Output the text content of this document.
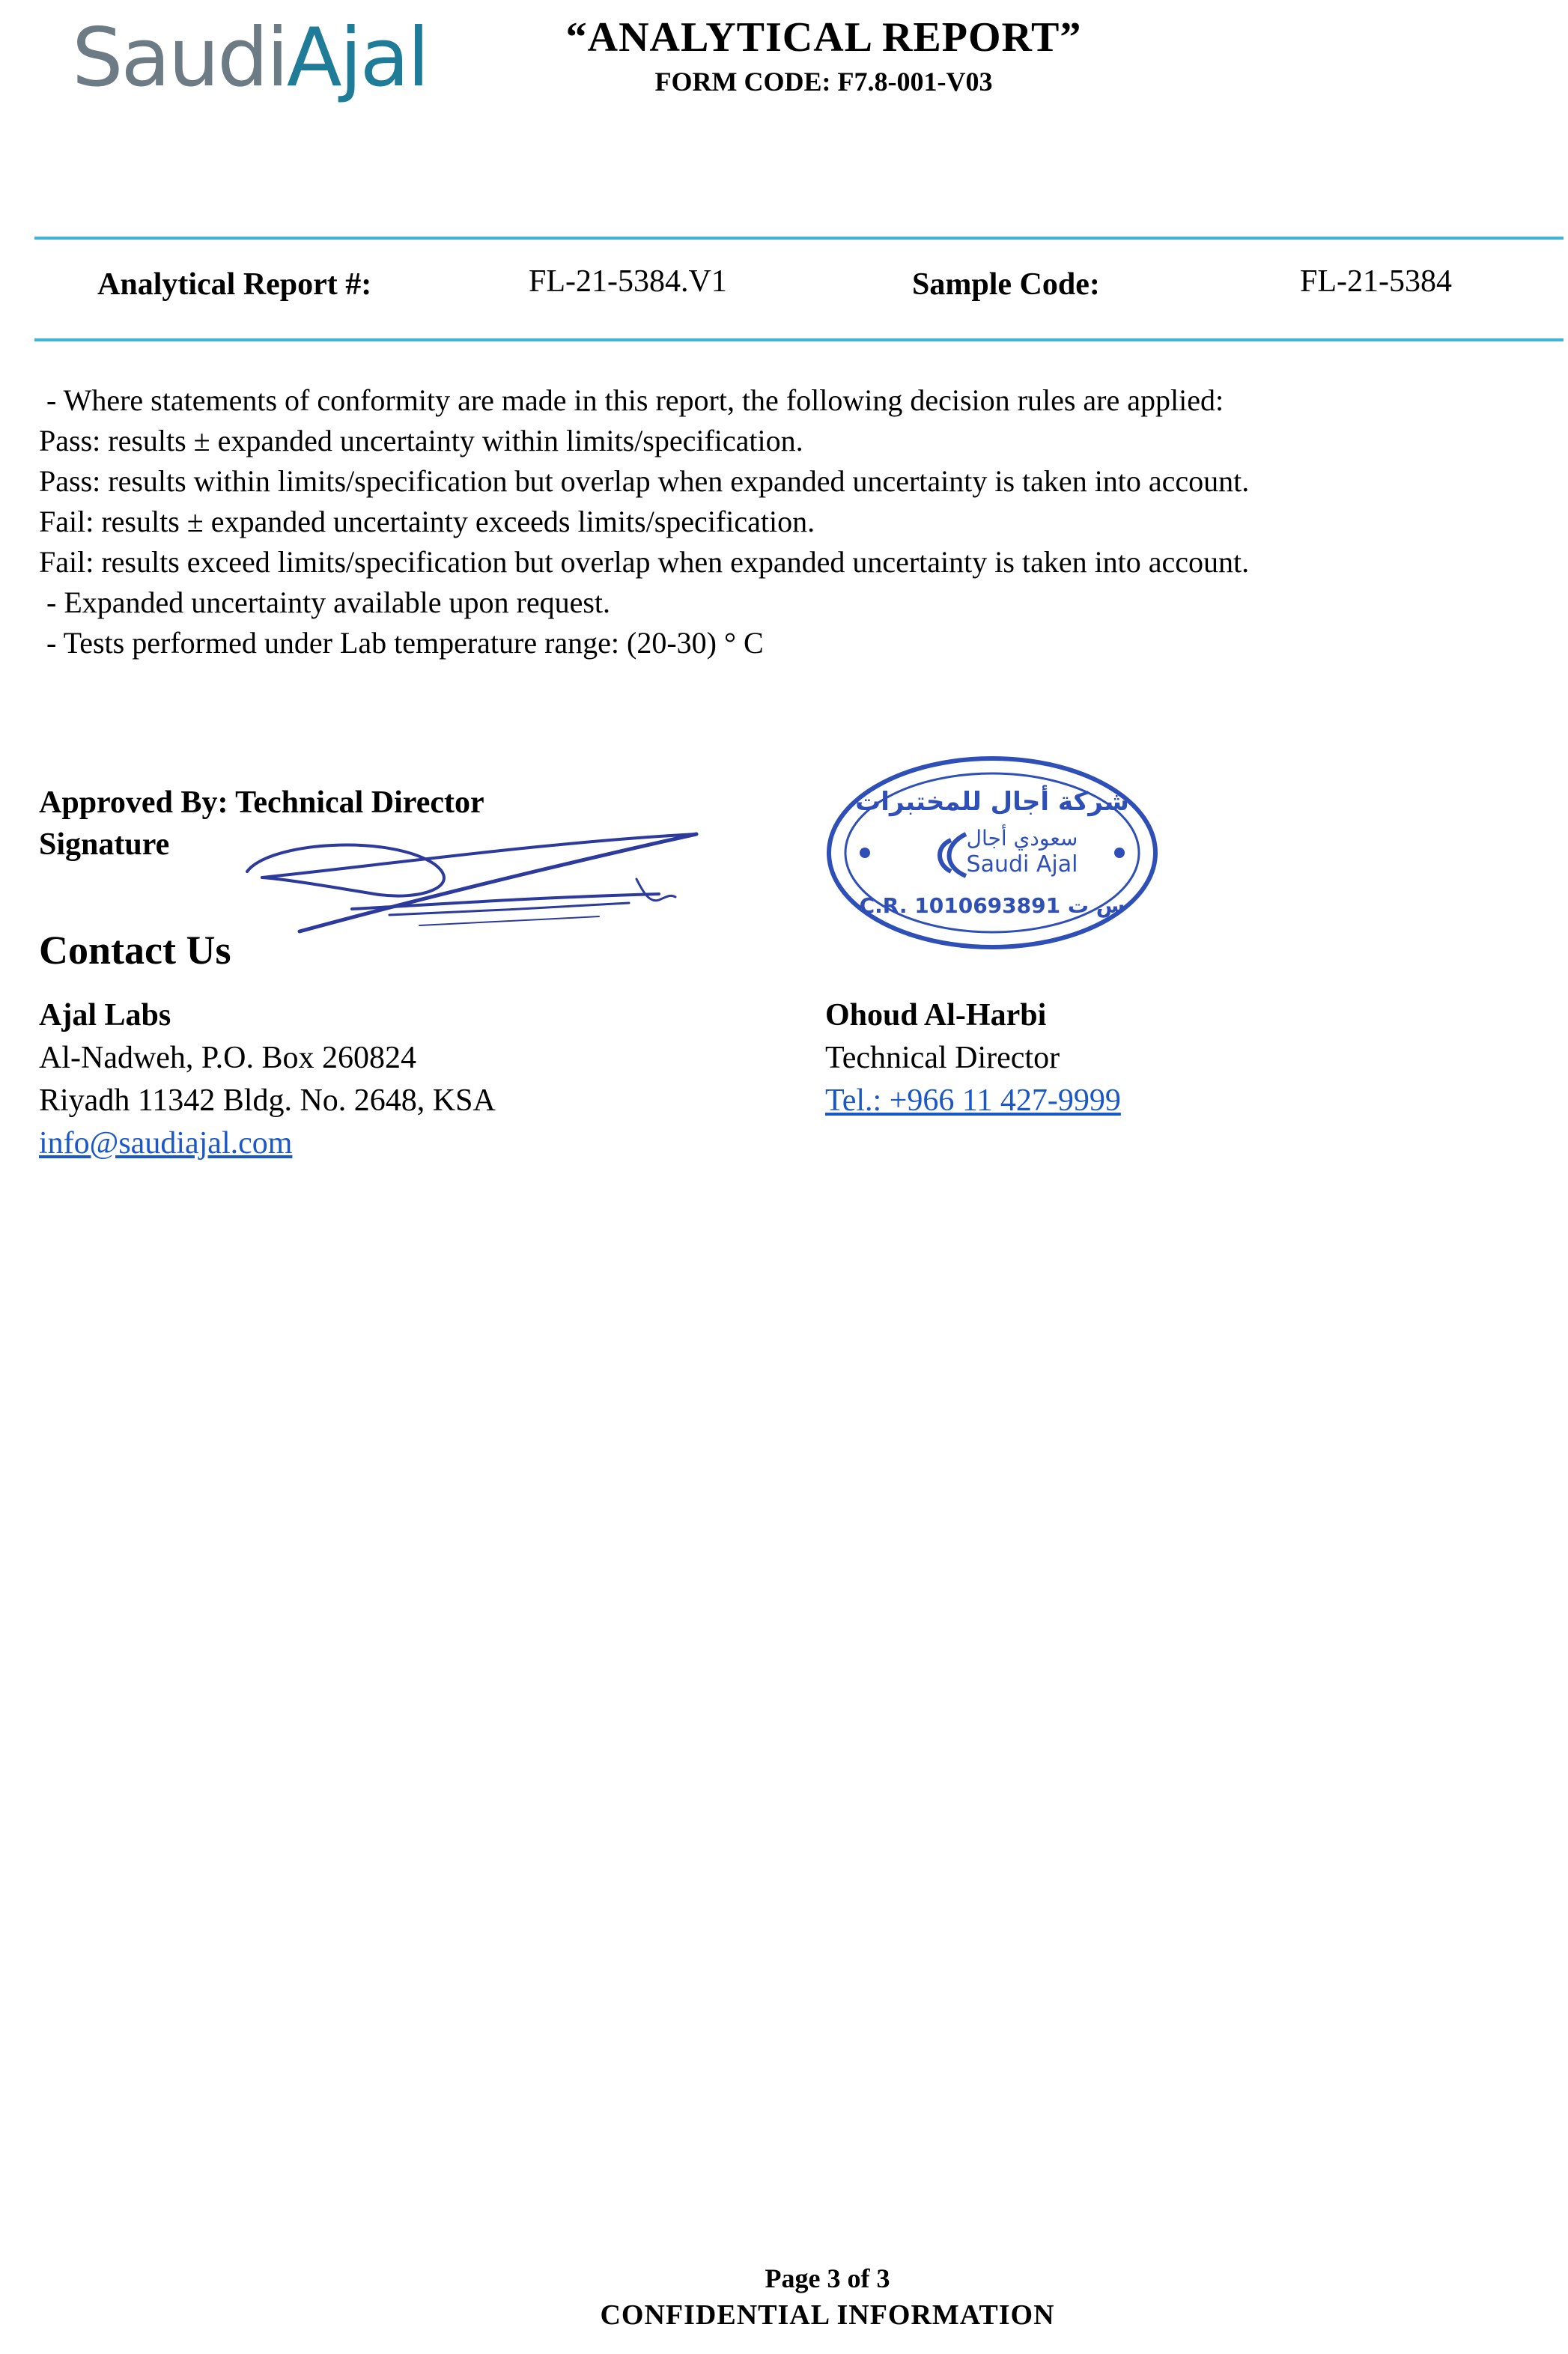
SaudiAjal	“ANALYTICAL REPORT”
FORM CODE: F7.8-001-V03
Analytical Report #:	FL-21-5384.V1	Sample Code:	FL-21-5384
- Where statements of conformity are made in this report, the following decision rules are applied:
Pass: results ± expanded uncertainty within limits/specification.
Pass: results within limits/specification but overlap when expanded uncertainty is taken into account.
Fail: results ± expanded uncertainty exceeds limits/specification.
Fail: results exceed limits/specification but overlap when expanded uncertainty is taken into account.
- Expanded uncertainty available upon request.
- Tests performed under Lab temperature range: (20-30) ° C
Approved By: Technical Director
Signature
شركة أجال للمختبرات
سعودي أجال
Saudi Ajal
C.R. 1010693891 س ت
Contact Us
Ajal Labs
Al-Nadweh, P.O. Box 260824
Riyadh 11342 Bldg. No. 2648, KSA
info@saudiajal.com
Ohoud Al-Harbi
Technical Director
Tel.: +966 11 427-9999
Page 3 of 3
CONFIDENTIAL INFORMATION
